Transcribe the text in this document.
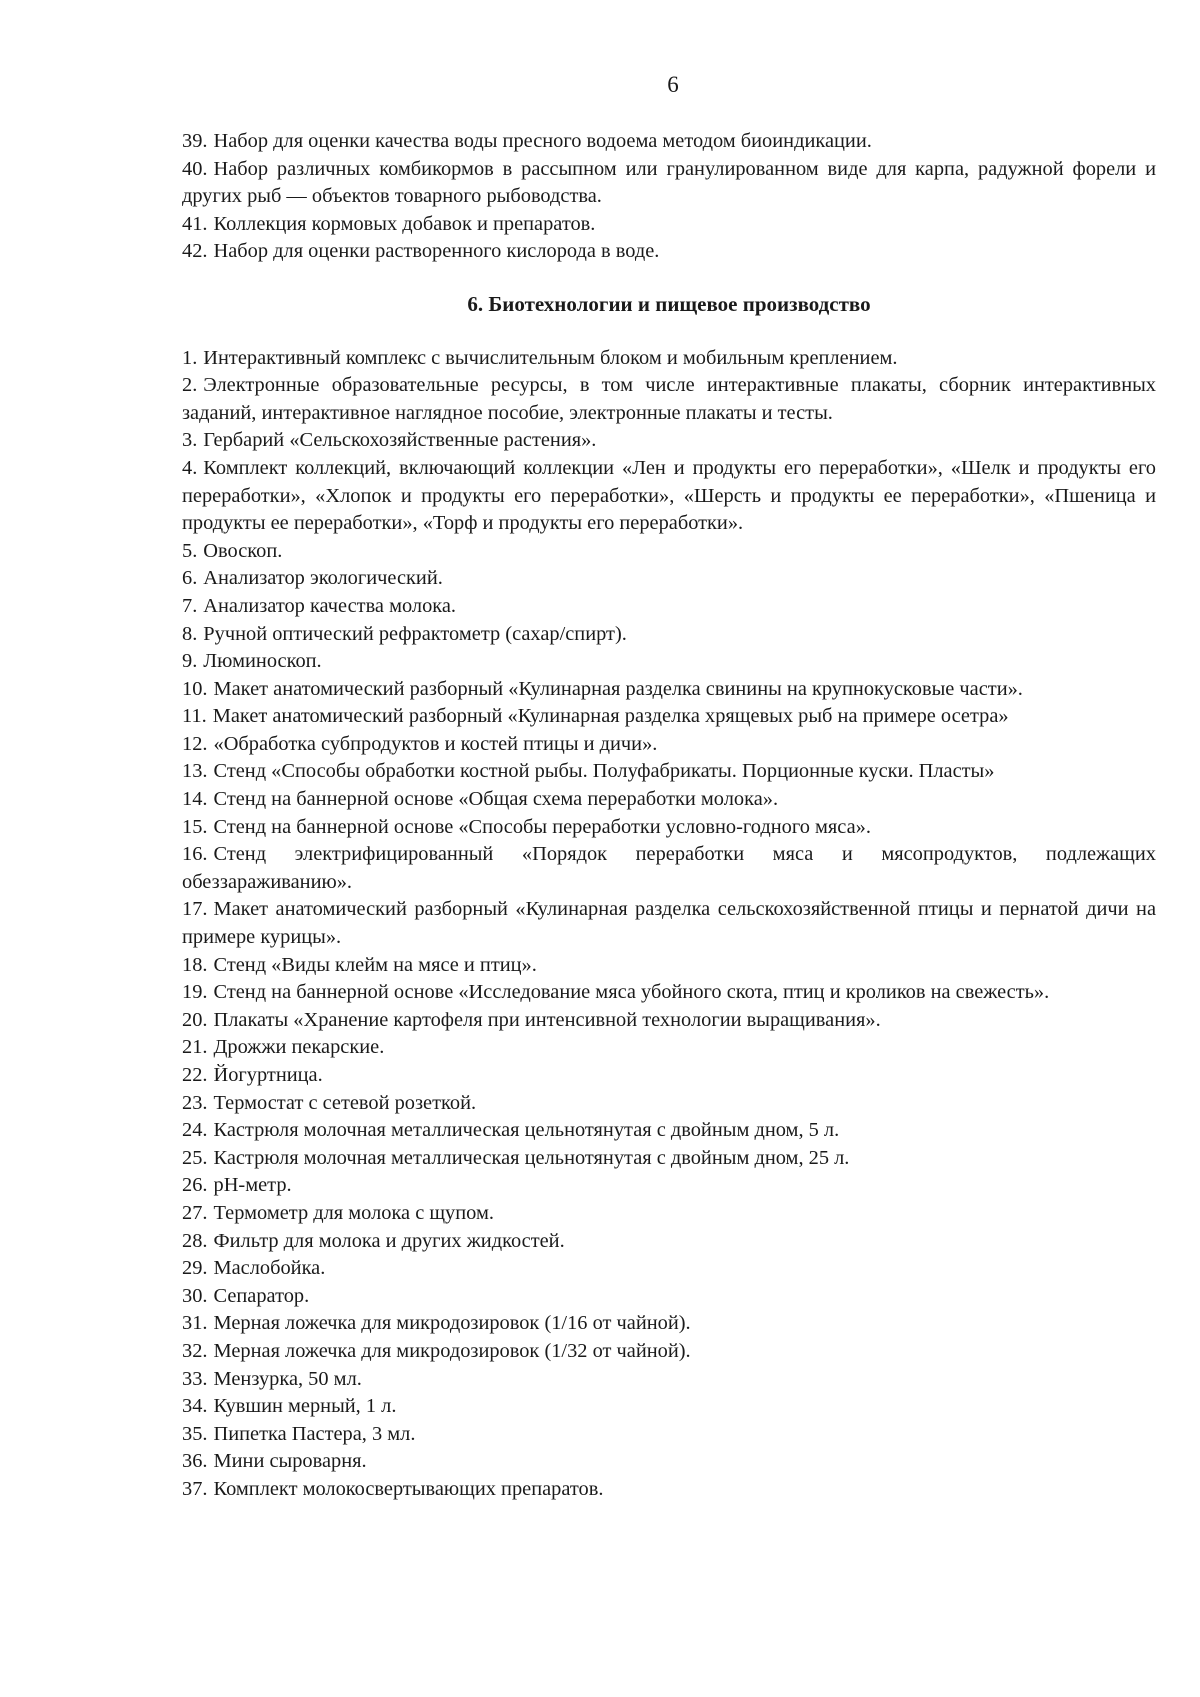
6

39. Набор для оценки качества воды пресного водоема методом биоиндикации.

40. Набор различных комбикормов в рассыпном или гранулированном виде для карпа, радужной форели и других рыб — объектов товарного рыбоводства.

41. Коллекция кормовых добавок и препаратов.

42. Набор для оценки растворенного кислорода в воде.

6. Биотехнологии и пищевое производство

1. Интерактивный комплекс с вычислительным блоком и мобильным креплением.

2. Электронные образовательные ресурсы, в том числе интерактивные плакаты, сборник интерактивных заданий, интерактивное наглядное пособие, электронные плакаты и тесты.

3. Гербарий «Сельскохозяйственные растения».

4. Комплект коллекций, включающий коллекции «Лен и продукты его переработки», «Шелк и продукты его переработки», «Хлопок и продукты его переработки», «Шерсть и продукты ее переработки», «Пшеница и продукты ее переработки», «Торф и продукты его переработки».

5. Овоскоп.

6. Анализатор экологический.

7. Анализатор качества молока.

8. Ручной оптический рефрактометр (сахар/спирт).

9. Люминоскоп.

10. Макет анатомический разборный «Кулинарная разделка свинины на крупнокусковые части».

11. Макет анатомический разборный «Кулинарная разделка хрящевых рыб на примере осетра»

12. «Обработка субпродуктов и костей птицы и дичи».

13. Стенд «Способы обработки костной рыбы. Полуфабрикаты. Порционные куски. Пласты»

14. Стенд на баннерной основе «Общая схема переработки молока».

15. Стенд на баннерной основе «Способы переработки условно-годного мяса».

16. Стенд электрифицированный «Порядок переработки мяса и мясопродуктов, подлежащих обеззараживанию».

17. Макет анатомический разборный «Кулинарная разделка сельскохозяйственной птицы и пернатой дичи на примере курицы».

18. Стенд «Виды клейм на мясе и птиц».

19. Стенд на баннерной основе «Исследование мяса убойного скота, птиц и кроликов на свежесть».

20. Плакаты «Хранение картофеля при интенсивной технологии выращивания».

21. Дрожжи пекарские.

22. Йогуртница.

23. Термостат с сетевой розеткой.

24. Кастрюля молочная металлическая цельнотянутая с двойным дном, 5 л.

25. Кастрюля молочная металлическая цельнотянутая с двойным дном, 25 л.

26. pH-метр.

27. Термометр для молока с щупом.

28. Фильтр для молока и других жидкостей.

29. Маслобойка.

30. Сепаратор.

31. Мерная ложечка для микродозировок (1/16 от чайной).

32. Мерная ложечка для микродозировок (1/32 от чайной).

33. Мензурка, 50 мл.

34. Кувшин мерный, 1 л.

35. Пипетка Пастера, 3 мл.

36. Мини сыроварня.

37. Комплект молокосвертывающих препаратов.
